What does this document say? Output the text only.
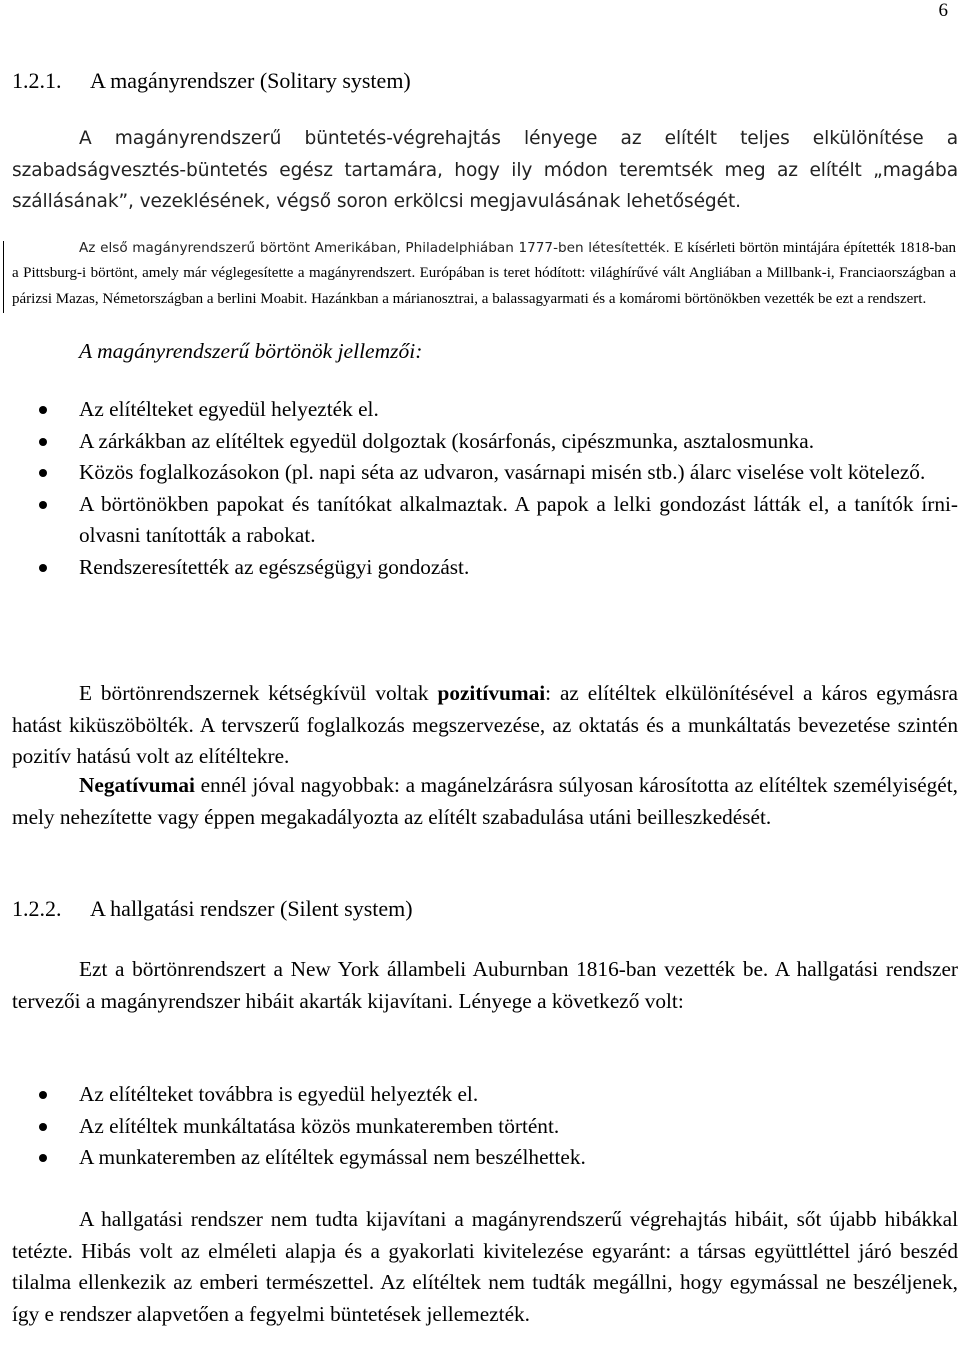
6
1.2.1. A magányrendszer (Solitary system)

A magányrendszerű büntetés-végrehajtás lényege az elítélt teljes elkülönítése a szabadságvesztés-büntetés egész tartamára, hogy ily módon teremtsék meg az elítélt „magába szállásának”, vezeklésének, végső soron erkölcsi megjavulásának lehetőségét.

Az első magányrendszerű börtönt Amerikában, Philadelphiában 1777-ben létesítették. E kísérleti börtön mintájára építették 1818-ban a Pittsburg-i börtönt, amely már véglegesítette a magányrendszert. Európában is teret hódított: világhírűvé vált Angliában a Millbank-i, Franciaországban a párizsi Mazas, Németországban a berlini Moabit. Hazánkban a márianosztrai, a balassagyarmati és a komáromi börtönökben vezették be ezt a rendszert.

A magányrendszerű börtönök jellemzői:
Az elítélteket egyedül helyezték el.
A zárkákban az elítéltek egyedül dolgoztak (kosárfonás, cipészmunka, asztalosmunka.
Közös foglalkozásokon (pl. napi séta az udvaron, vasárnapi misén stb.) álarc viselése volt kötelező.
A börtönökben papokat és tanítókat alkalmaztak. A papok a lelki gondozást látták el, a tanítók írni-olvasni tanították a rabokat.
Rendszeresítették az egészségügyi gondozást.

E börtönrendszernek kétségkívül voltak pozitívumai: az elítéltek elkülönítésével a káros egymásra hatást kiküszöbölték. A tervszerű foglalkozás megszervezése, az oktatás és a munkáltatás bevezetése szintén pozitív hatású volt az elítéltekre.

Negatívumai ennél jóval nagyobbak: a magánelzárásra súlyosan károsította az elítéltek személyiségét, mely nehezítette vagy éppen megakadályozta az elítélt szabadulása utáni beilleszkedését.

1.2.2. A hallgatási rendszer (Silent system)

Ezt a börtönrendszert a New York állambeli Auburnban 1816-ban vezették be. A hallgatási rendszer tervezői a magányrendszer hibáit akarták kijavítani. Lényege a következő volt:

Az elítélteket továbbra is egyedül helyezték el.
Az elítéltek munkáltatása közös munkateremben történt.
A munkateremben az elítéltek egymással nem beszélhettek.

A hallgatási rendszer nem tudta kijavítani a magányrendszerű végrehajtás hibáit, sőt újabb hibákkal tetézte. Hibás volt az elméleti alapja és a gyakorlati kivitelezése egyaránt: a társas együttléttel járó beszéd tilalma ellenkezik az emberi természettel. Az elítéltek nem tudták megállni, hogy egymással ne beszéljenek, így e rendszer alapvetően a fegyelmi büntetések jellemezték.
